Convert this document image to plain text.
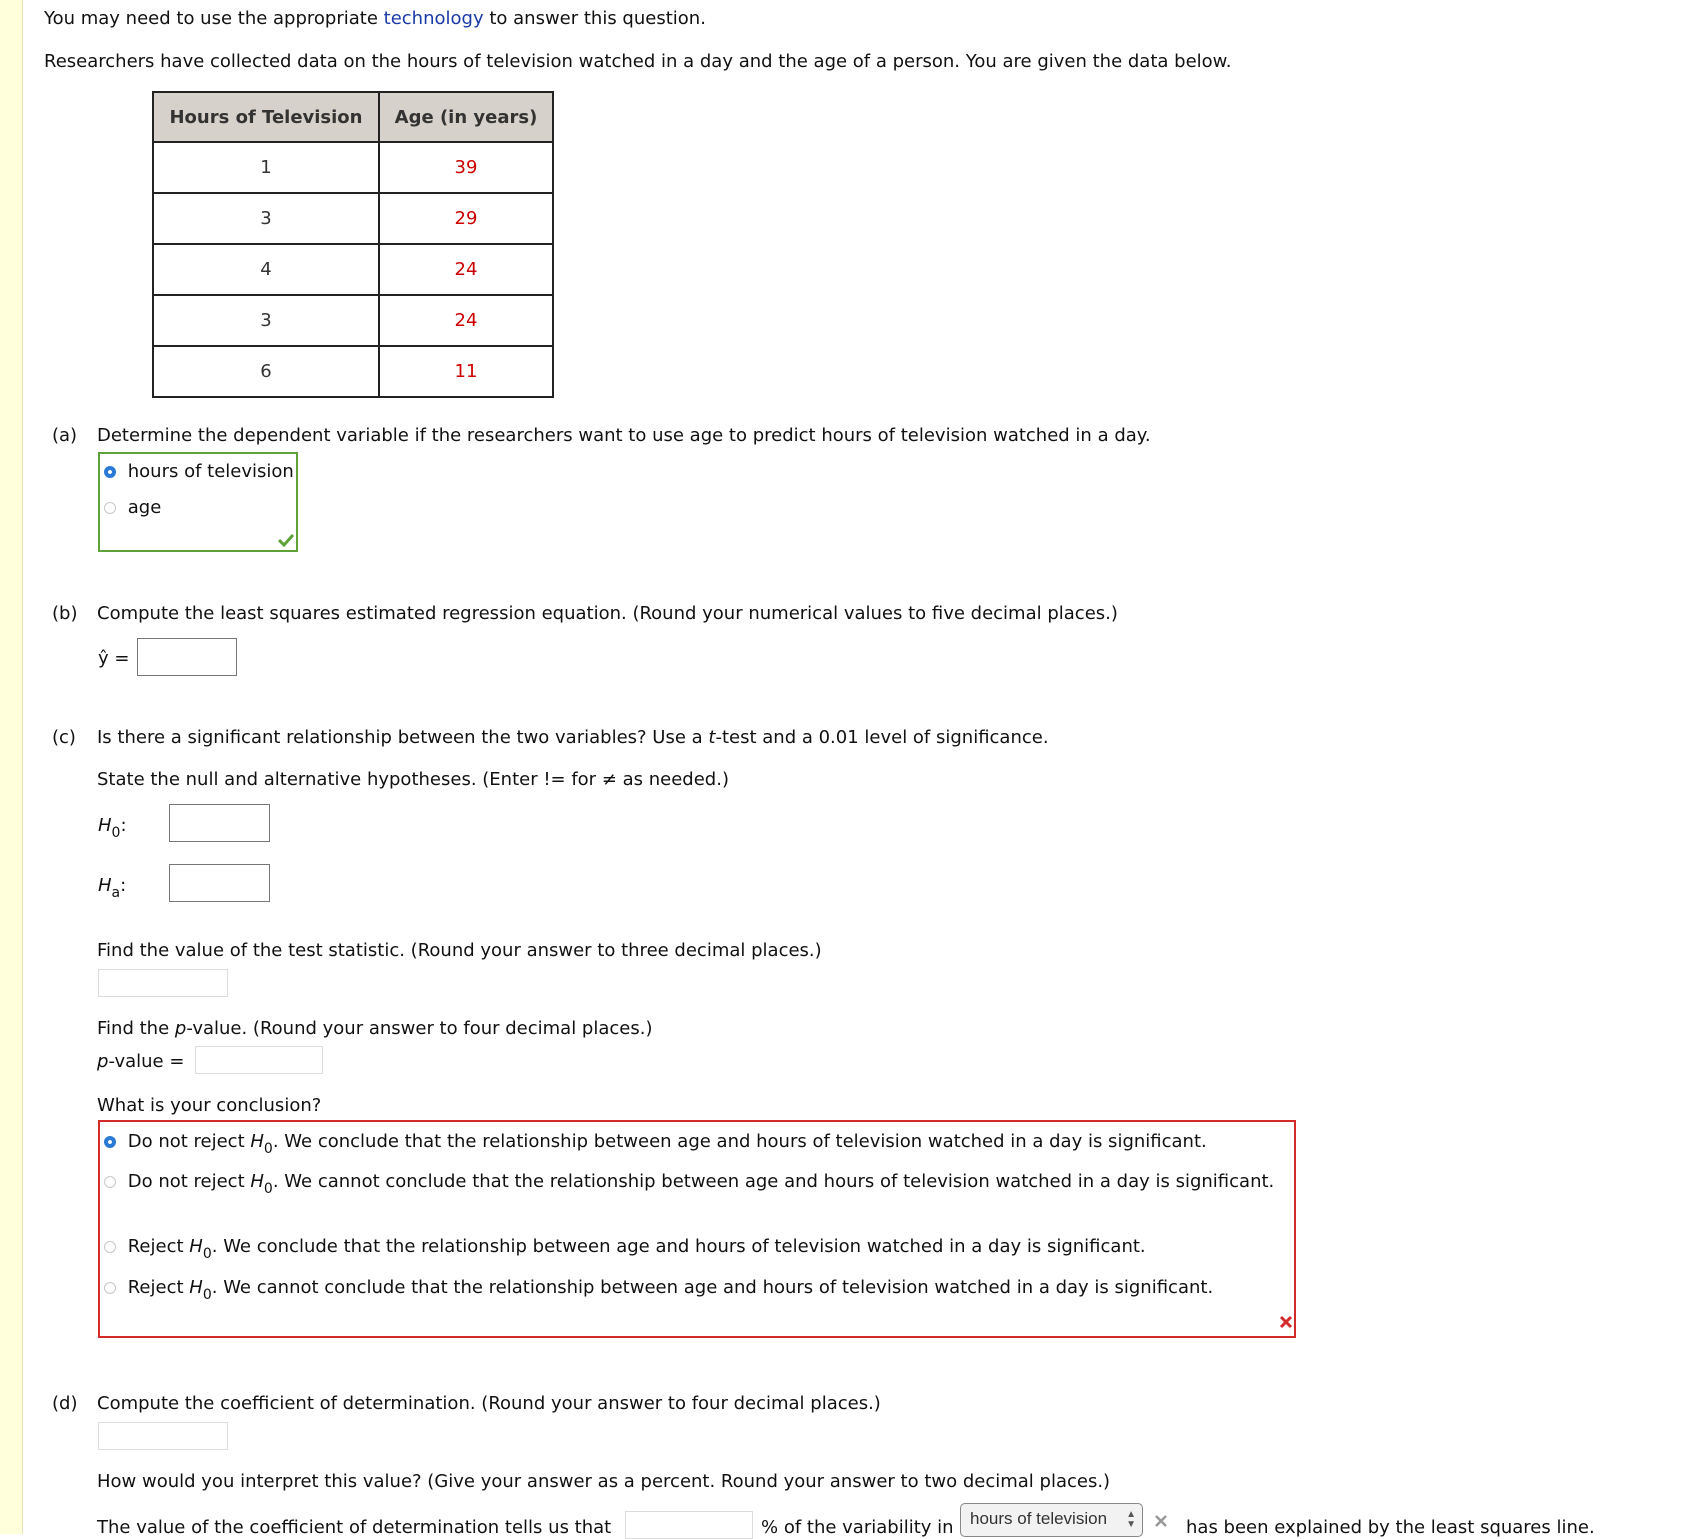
You may need to use the appropriate technology to answer this question.
Researchers have collected data on the hours of television watched in a day and the age of a person. You are given the data below.
Hours of Television	Age (in years)
1	39
3	29
4	24
3	24
6	11
(a) Determine the dependent variable if the researchers want to use age to predict hours of television watched in a day.
hours of television
age
(b) Compute the least squares estimated regression equation. (Round your numerical values to five decimal places.)
ŷ =
(c) Is there a significant relationship between the two variables? Use a t-test and a 0.01 level of significance.
State the null and alternative hypotheses. (Enter != for ≠ as needed.)
$H_0$:
$H_a$:
Find the value of the test statistic. (Round your answer to three decimal places.)
Find the p-value. (Round your answer to four decimal places.)
p-value =
What is your conclusion?
Do not reject $H_0$. We conclude that the relationship between age and hours of television watched in a day is significant.
Do not reject $H_0$. We cannot conclude that the relationship between age and hours of television watched in a day is significant.
Reject $H_0$. We conclude that the relationship between age and hours of television watched in a day is significant.
Reject $H_0$. We cannot conclude that the relationship between age and hours of television watched in a day is significant.
(d) Compute the coefficient of determination. (Round your answer to four decimal places.)
How would you interpret this value? (Give your answer as a percent. Round your answer to two decimal places.)
The value of the coefficient of determination tells us that	% of the variability in hours of television ▲
▼	has been explained by the least squares line.
